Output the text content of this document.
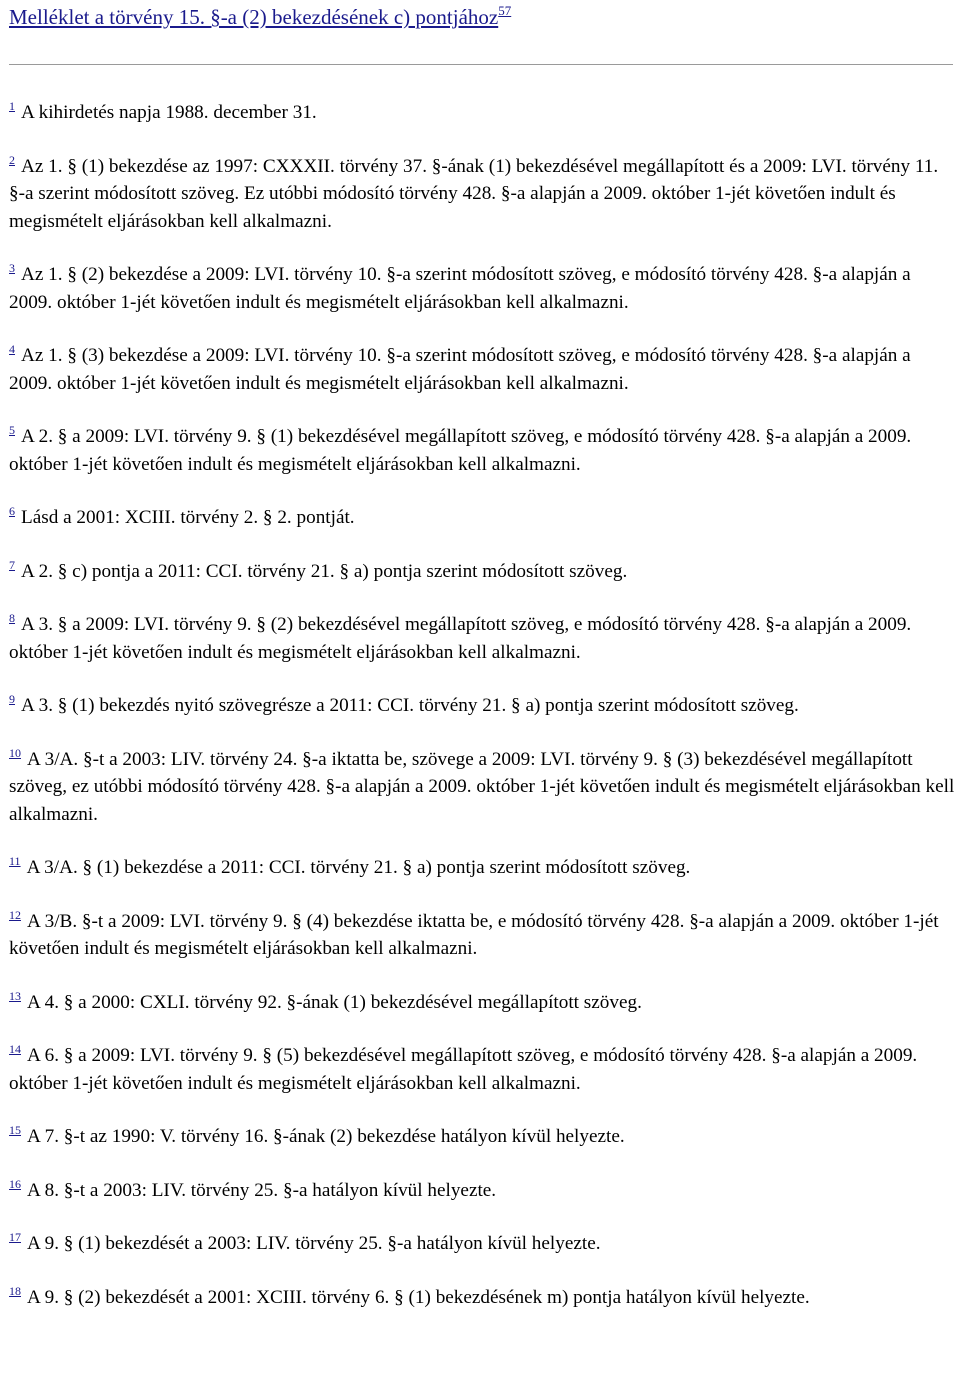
Melléklet a törvény 15. §-a (2) bekezdésének c) pontjához$^{57}$

$^1$ A kihirdetés napja 1988. december 31.

$^2$ Az 1. § (1) bekezdése az 1997: CXXXII. törvény 37. §-ának (1) bekezdésével megállapított és a 2009: LVI. törvény 11. §-a szerint módosított szöveg. Ez utóbbi módosító törvény 428. §-a alapján a 2009. október 1-jét követően indult és megismételt eljárásokban kell alkalmazni.

$^3$ Az 1. § (2) bekezdése a 2009: LVI. törvény 10. §-a szerint módosított szöveg, e módosító törvény 428. §-a alapján a 2009. október 1-jét követően indult és megismételt eljárásokban kell alkalmazni.

$^4$ Az 1. § (3) bekezdése a 2009: LVI. törvény 10. §-a szerint módosított szöveg, e módosító törvény 428. §-a alapján a 2009. október 1-jét követően indult és megismételt eljárásokban kell alkalmazni.

$^5$ A 2. § a 2009: LVI. törvény 9. § (1) bekezdésével megállapított szöveg, e módosító törvény 428. §-a alapján a 2009. október 1-jét követően indult és megismételt eljárásokban kell alkalmazni.

$^6$ Lásd a 2001: XCIII. törvény 2. § 2. pontját.

$^7$ A 2. § c) pontja a 2011: CCI. törvény 21. § a) pontja szerint módosított szöveg.

$^8$ A 3. § a 2009: LVI. törvény 9. § (2) bekezdésével megállapított szöveg, e módosító törvény 428. §-a alapján a 2009. október 1-jét követően indult és megismételt eljárásokban kell alkalmazni.

$^9$ A 3. § (1) bekezdés nyitó szövegrésze a 2011: CCI. törvény 21. § a) pontja szerint módosított szöveg.

$^{10}$ A 3/A. §-t a 2003: LIV. törvény 24. §-a iktatta be, szövege a 2009: LVI. törvény 9. § (3) bekezdésével megállapított szöveg, ez utóbbi módosító törvény 428. §-a alapján a 2009. október 1-jét követően indult és megismételt eljárásokban kell alkalmazni.

$^{11}$ A 3/A. § (1) bekezdése a 2011: CCI. törvény 21. § a) pontja szerint módosított szöveg.

$^{12}$ A 3/B. §-t a 2009: LVI. törvény 9. § (4) bekezdése iktatta be, e módosító törvény 428. §-a alapján a 2009. október 1-jét követően indult és megismételt eljárásokban kell alkalmazni.

$^{13}$ A 4. § a 2000: CXLI. törvény 92. §-ának (1) bekezdésével megállapított szöveg.

$^{14}$ A 6. § a 2009: LVI. törvény 9. § (5) bekezdésével megállapított szöveg, e módosító törvény 428. §-a alapján a 2009. október 1-jét követően indult és megismételt eljárásokban kell alkalmazni.

$^{15}$ A 7. §-t az 1990: V. törvény 16. §-ának (2) bekezdése hatályon kívül helyezte.

$^{16}$ A 8. §-t a 2003: LIV. törvény 25. §-a hatályon kívül helyezte.

$^{17}$ A 9. § (1) bekezdését a 2003: LIV. törvény 25. §-a hatályon kívül helyezte.

$^{18}$ A 9. § (2) bekezdését a 2001: XCIII. törvény 6. § (1) bekezdésének m) pontja hatályon kívül helyezte.
